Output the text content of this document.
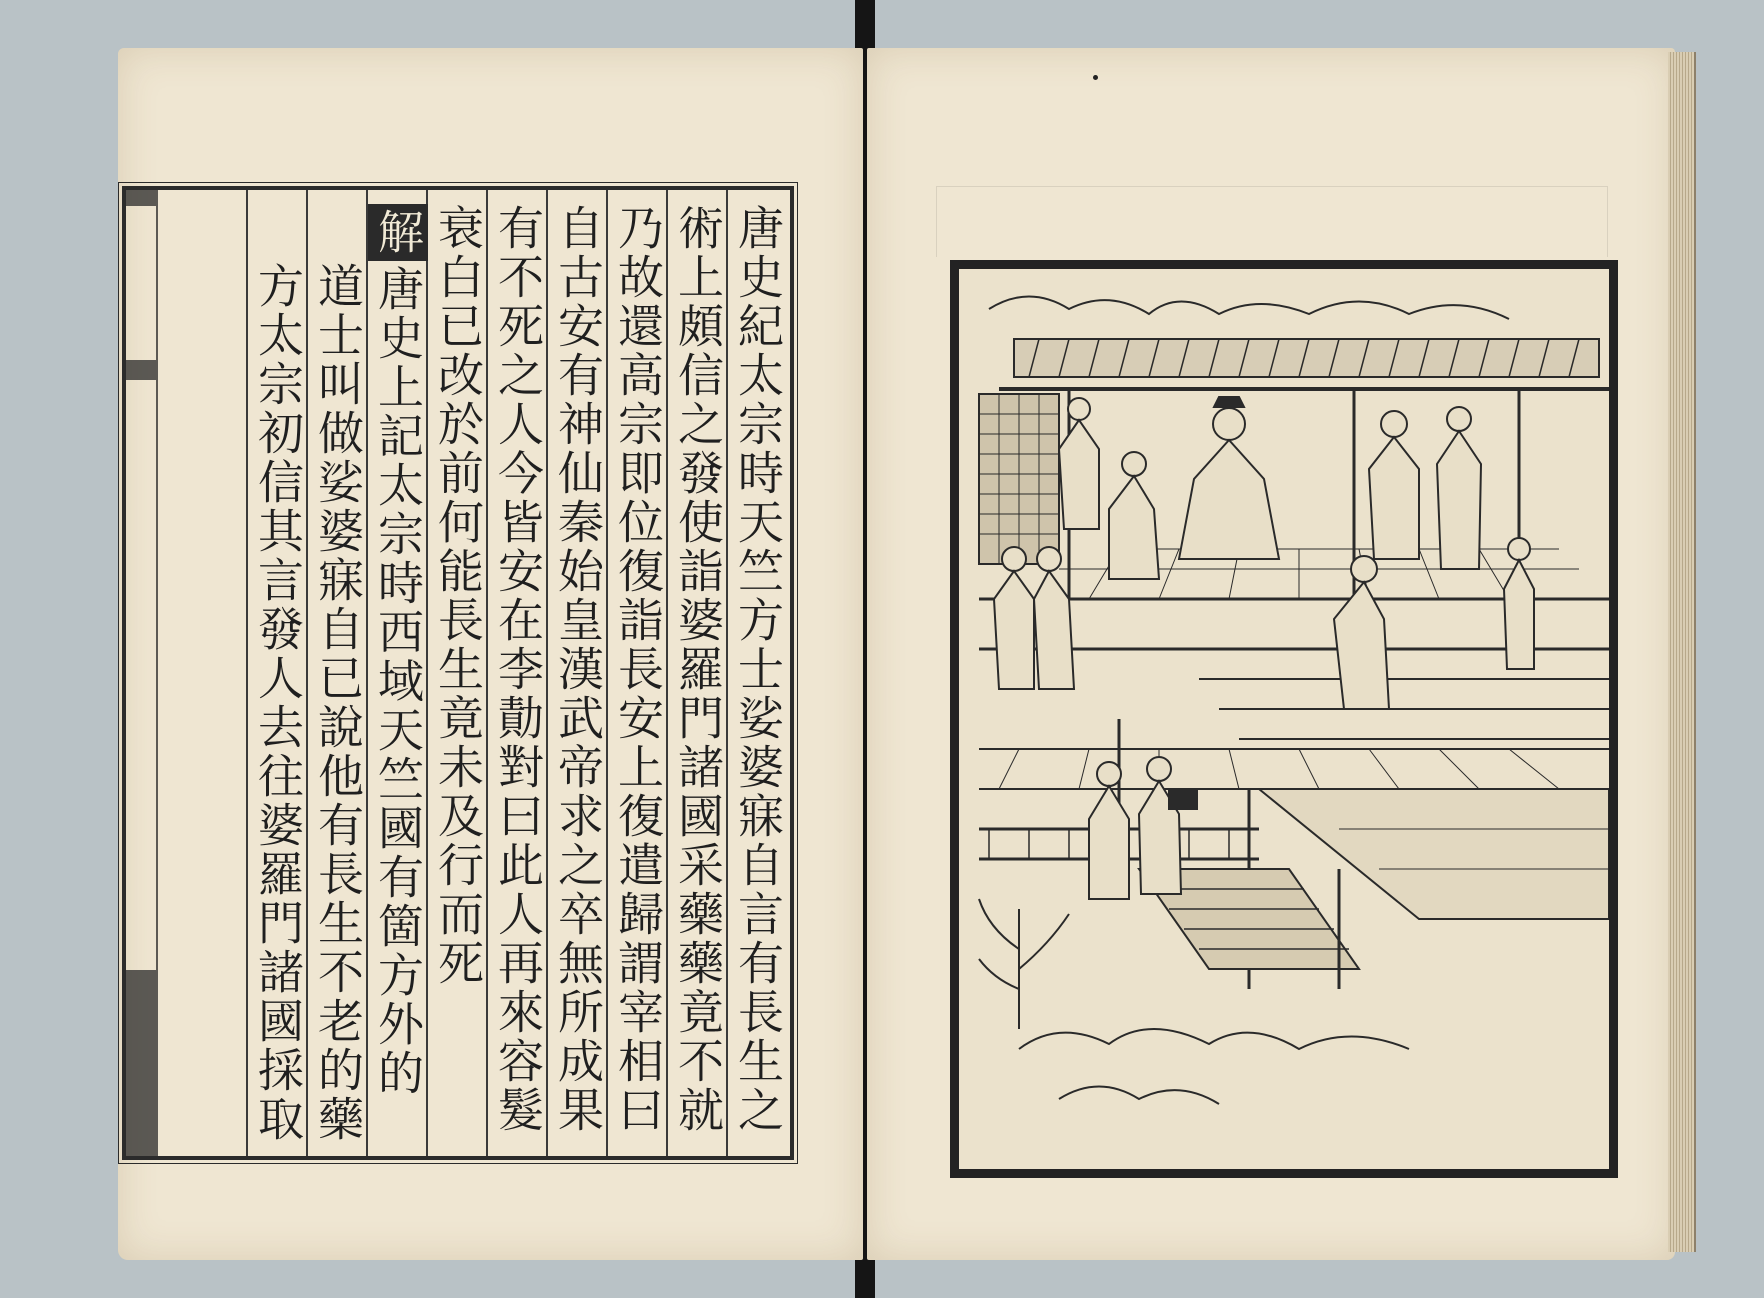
唐史紀太宗時天竺方士娑婆寐自言有長生之
術上頗信之發使詣婆羅門諸國采藥藥竟不就
乃故還高宗即位復詣長安上復遣歸謂宰相曰
自古安有神仙秦始皇漢武帝求之卒無所成果
有不死之人今皆安在李勣對曰此人再來容髮
衰白已改於前何能長生竟未及行而死
解唐史上記太宗時西域天竺國有箇方外的
道士叫做娑婆寐自已說他有長生不老的藥
方太宗初信其言發人去往婆羅門諸國採取
